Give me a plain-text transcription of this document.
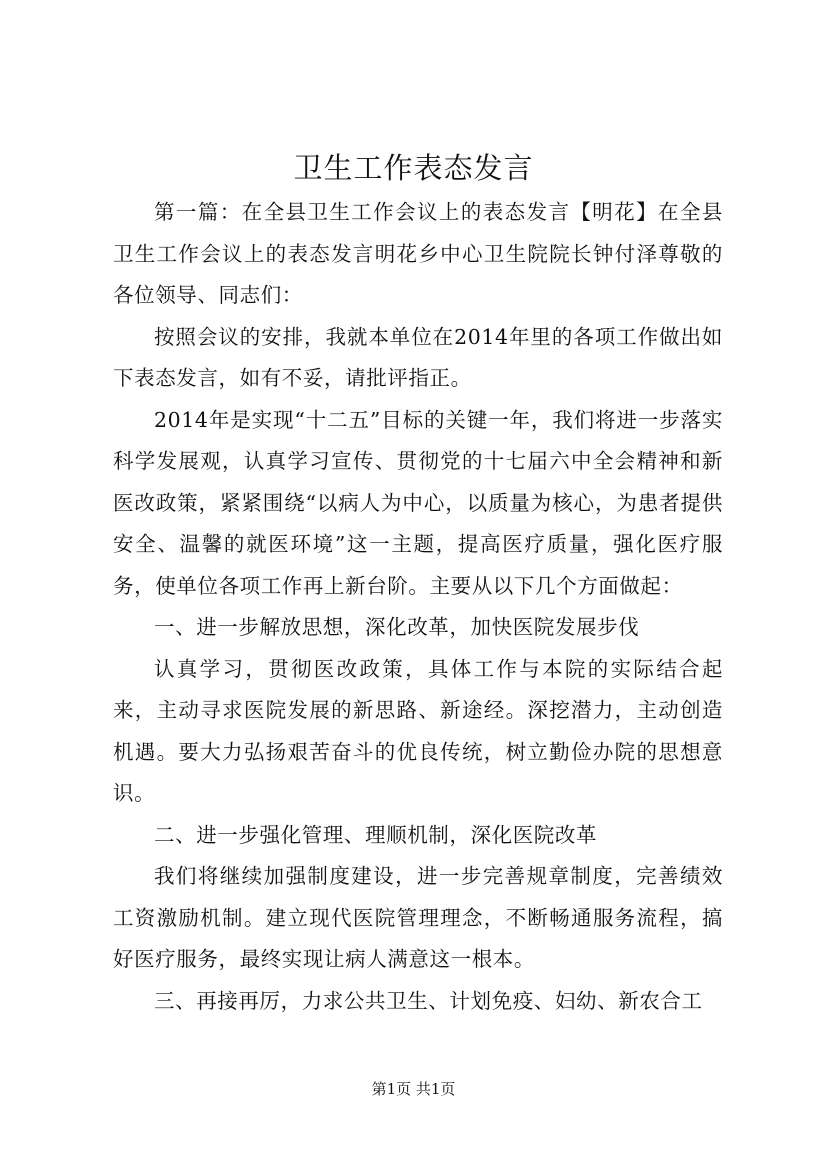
卫生工作表态发言

第一篇：在全县卫生工作会议上的表态发言【明花】在全县卫生工作会议上的表态发言明花乡中心卫生院院长钟付泽尊敬的各位领导、同志们：

按照会议的安排，我就本单位在2014年里的各项工作做出如下表态发言，如有不妥，请批评指正。

2014年是实现“十二五”目标的关键一年，我们将进一步落实科学发展观，认真学习宣传、贯彻党的十七届六中全会精神和新医改政策，紧紧围绕“以病人为中心，以质量为核心，为患者提供安全、温馨的就医环境”这一主题，提高医疗质量，强化医疗服务，使单位各项工作再上新台阶。主要从以下几个方面做起：

一、进一步解放思想，深化改革，加快医院发展步伐

认真学习，贯彻医改政策，具体工作与本院的实际结合起来，主动寻求医院发展的新思路、新途经。深挖潜力，主动创造机遇。要大力弘扬艰苦奋斗的优良传统，树立勤俭办院的思想意识。

二、进一步强化管理、理顺机制，深化医院改革

我们将继续加强制度建设，进一步完善规章制度，完善绩效工资激励机制。建立现代医院管理理念，不断畅通服务流程，搞好医疗服务，最终实现让病人满意这一根本。

三、再接再厉，力求公共卫生、计划免疫、妇幼、新农合工

第1页 共1页
